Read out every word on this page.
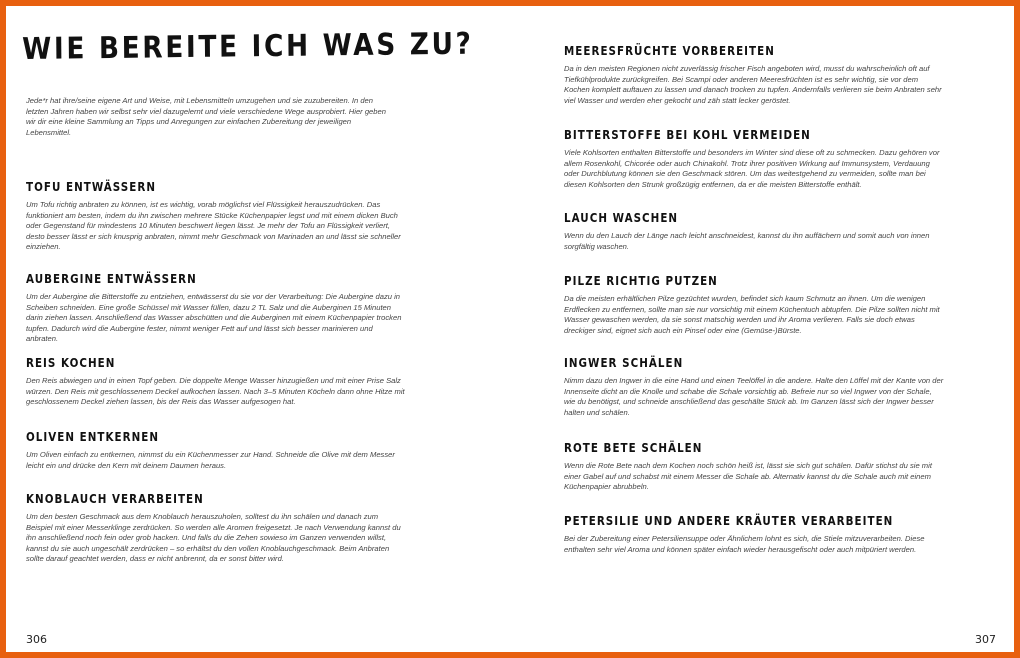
WIE BEREITE ICH WAS ZU?

Jede*r hat ihre/seine eigene Art und Weise, mit Lebensmitteln umzugehen und sie zuzubereiten. In den letzten Jahren haben wir selbst sehr viel dazugelernt und viele verschiedene Wege ausprobiert. Hier geben wir dir eine kleine Sammlung an Tipps und Anregungen zur einfachen Zubereitung der jeweiligen Lebensmittel.

TOFU ENTWÄSSERN

Um Tofu richtig anbraten zu können, ist es wichtig, vorab möglichst viel Flüssigkeit herauszudrücken. Das funktioniert am besten, indem du ihn zwischen mehrere Stücke Küchenpapier legst und mit einem dicken Buch oder Gegenstand für mindestens 10 Minuten beschwert liegen lässt. Je mehr der Tofu an Flüssigkeit verliert, desto besser lässt er sich knusprig anbraten, nimmt mehr Geschmack von Marinaden an und lässt sie schneller einziehen.

AUBERGINE ENTWÄSSERN

Um der Aubergine die Bitterstoffe zu entziehen, entwässerst du sie vor der Verarbeitung: Die Aubergine dazu in Scheiben schneiden. Eine große Schüssel mit Wasser füllen, dazu 2 TL Salz und die Auberginen 15 Minuten darin ziehen lassen. Anschließend das Wasser abschütten und die Auberginen mit einem Küchenpapier trocken tupfen. Dadurch wird die Aubergine fester, nimmt weniger Fett auf und lässt sich besser marinieren und anbraten.

REIS KOCHEN

Den Reis abwiegen und in einen Topf geben. Die doppelte Menge Wasser hinzugießen und mit einer Prise Salz würzen. Den Reis mit geschlossenem Deckel aufkochen lassen. Nach 3–5 Minuten Köcheln dann ohne Hitze mit geschlossenem Deckel ziehen lassen, bis der Reis das Wasser aufgesogen hat.

OLIVEN ENTKERNEN

Um Oliven einfach zu entkernen, nimmst du ein Küchenmesser zur Hand. Schneide die Olive mit dem Messer leicht ein und drücke den Kern mit deinem Daumen heraus.

KNOBLAUCH VERARBEITEN

Um den besten Geschmack aus dem Knoblauch herauszuholen, solltest du ihn schälen und danach zum Beispiel mit einer Messerklinge zerdrücken. So werden alle Aromen freigesetzt. Je nach Verwendung kannst du ihn anschließend noch fein oder grob hacken. Und falls du die Zehen sowieso im Ganzen verwenden willst, kannst du sie auch ungeschält zerdrücken – so erhältst du den vollen Knoblauchgeschmack. Beim Anbraten sollte darauf geachtet werden, dass er nicht anbrennt, da er sonst bitter wird.

306
MEERESFRÜCHTE VORBEREITEN

Da in den meisten Regionen nicht zuverlässig frischer Fisch angeboten wird, musst du wahrscheinlich oft auf Tiefkühlprodukte zurückgreifen. Bei Scampi oder anderen Meeresfrüchten ist es sehr wichtig, sie vor dem Kochen komplett auftauen zu lassen und danach trocken zu tupfen. Andernfalls verlieren sie beim Anbraten sehr viel Wasser und werden eher gekocht und zäh statt lecker geröstet.

BITTERSTOFFE BEI KOHL VERMEIDEN

Viele Kohlsorten enthalten Bitterstoffe und besonders im Winter sind diese oft zu schmecken. Dazu gehören vor allem Rosenkohl, Chicorée oder auch Chinakohl. Trotz ihrer positiven Wirkung auf Immunsystem, Verdauung oder Durchblutung können sie den Geschmack stören. Um das weitestgehend zu vermeiden, sollte man bei diesen Kohlsorten den Strunk großzügig entfernen, da er die meisten Bitterstoffe enthält.

LAUCH WASCHEN

Wenn du den Lauch der Länge nach leicht anschneidest, kannst du ihn auffächern und somit auch von innen sorgfältig waschen.

PILZE RICHTIG PUTZEN

Da die meisten erhältlichen Pilze gezüchtet wurden, befindet sich kaum Schmutz an ihnen. Um die wenigen Erdflecken zu entfernen, sollte man sie nur vorsichtig mit einem Küchentuch abtupfen. Die Pilze sollten nicht mit Wasser gewaschen werden, da sie sonst matschig werden und ihr Aroma verlieren. Falls sie doch etwas dreckiger sind, eignet sich auch ein Pinsel oder eine (Gemüse-)Bürste.

INGWER SCHÄLEN

Nimm dazu den Ingwer in die eine Hand und einen Teelöffel in die andere. Halte den Löffel mit der Kante von der Innenseite dicht an die Knolle und schabe die Schale vorsichtig ab. Befreie nur so viel Ingwer von der Schale, wie du benötigst, und schneide anschließend das geschälte Stück ab. Im Ganzen lässt sich der Ingwer besser halten und schälen.

ROTE BETE SCHÄLEN

Wenn die Rote Bete nach dem Kochen noch schön heiß ist, lässt sie sich gut schälen. Dafür stichst du sie mit einer Gabel auf und schabst mit einem Messer die Schale ab. Alternativ kannst du die Schale auch mit einem Küchenpapier abrubbeln.

PETERSILIE UND ANDERE KRÄUTER VERARBEITEN

Bei der Zubereitung einer Petersiliensuppe oder Ähnlichem lohnt es sich, die Stiele mitzuverarbeiten. Diese enthalten sehr viel Aroma und können später einfach wieder herausgefischt oder auch mitpüriert werden.

307
